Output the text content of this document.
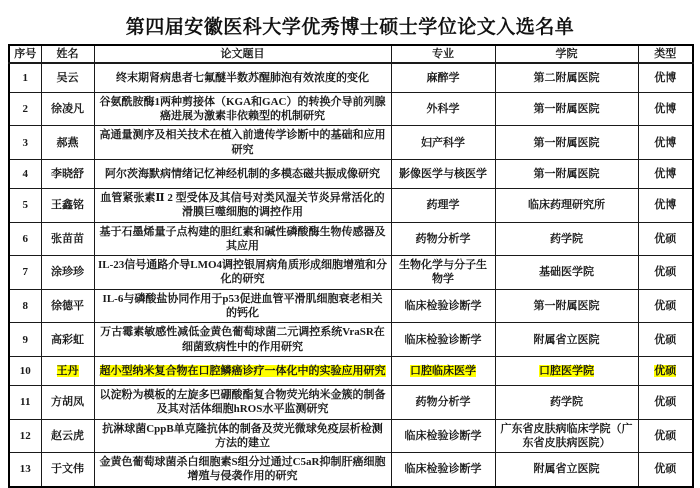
第四届安徽医科大学优秀博士硕士学位论文入选名单
序号	姓名	论文题目	专业	学院	类型
1	吴云	终末期肾病患者七氟醚半数苏醒肺泡有效浓度的变化	麻醉学	第二附属医院	优博
2	徐凌凡	谷氨酰胺酶1两种剪接体（KGA和GAC）的转换介导前列腺癌进展为激素非依赖型的机制研究	外科学	第一附属医院	优博
3	郝燕	高通量测序及相关技术在植入前遗传学诊断中的基础和应用研究	妇产科学	第一附属医院	优博
4	李晓舒	阿尔茨海默病情绪记忆神经机制的多模态磁共振成像研究	影像医学与核医学	第一附属医院	优博
5	王鑫铭	血管紧张素Ⅱ 2 型受体及其信号对类风湿关节炎异常活化的滑膜巨噬细胞的调控作用	药理学	临床药理研究所	优博
6	张苗苗	基于石墨烯量子点构建的胆红素和碱性磷酸酶生物传感器及其应用	药物分析学	药学院	优硕
7	涂珍珍	IL-23信号通路介导LMO4调控银屑病角质形成细胞增殖和分化的研究	生物化学与分子生物学	基础医学院	优硕
8	徐德平	IL-6与磷酸盐协同作用于p53促进血管平滑肌细胞衰老相关的钙化	临床检验诊断学	第一附属医院	优硕
9	高彩虹	万古霉素敏感性减低金黄色葡萄球菌二元调控系统VraSR在细菌致病性中的作用研究	临床检验诊断学	附属省立医院	优硕
10	王丹	超小型纳米复合物在口腔鳞癌诊疗一体化中的实验应用研究	口腔临床医学	口腔医学院	优硕
11	方胡凤	以淀粉为模板的左旋多巴硼酸酯复合物荧光纳米金簇的制备及其对活体细胞hROS水平监测研究	药物分析学	药学院	优硕
12	赵云虎	抗淋球菌CppB单克隆抗体的制备及荧光微球免疫层析检测方法的建立	临床检验诊断学	广东省皮肤病临床学院（广东省皮肤病医院）	优硕
13	于文伟	金黄色葡萄球菌杀白细胞素S组分过通过C5aR抑制肝癌细胞增殖与侵袭作用的研究	临床检验诊断学	附属省立医院	优硕
